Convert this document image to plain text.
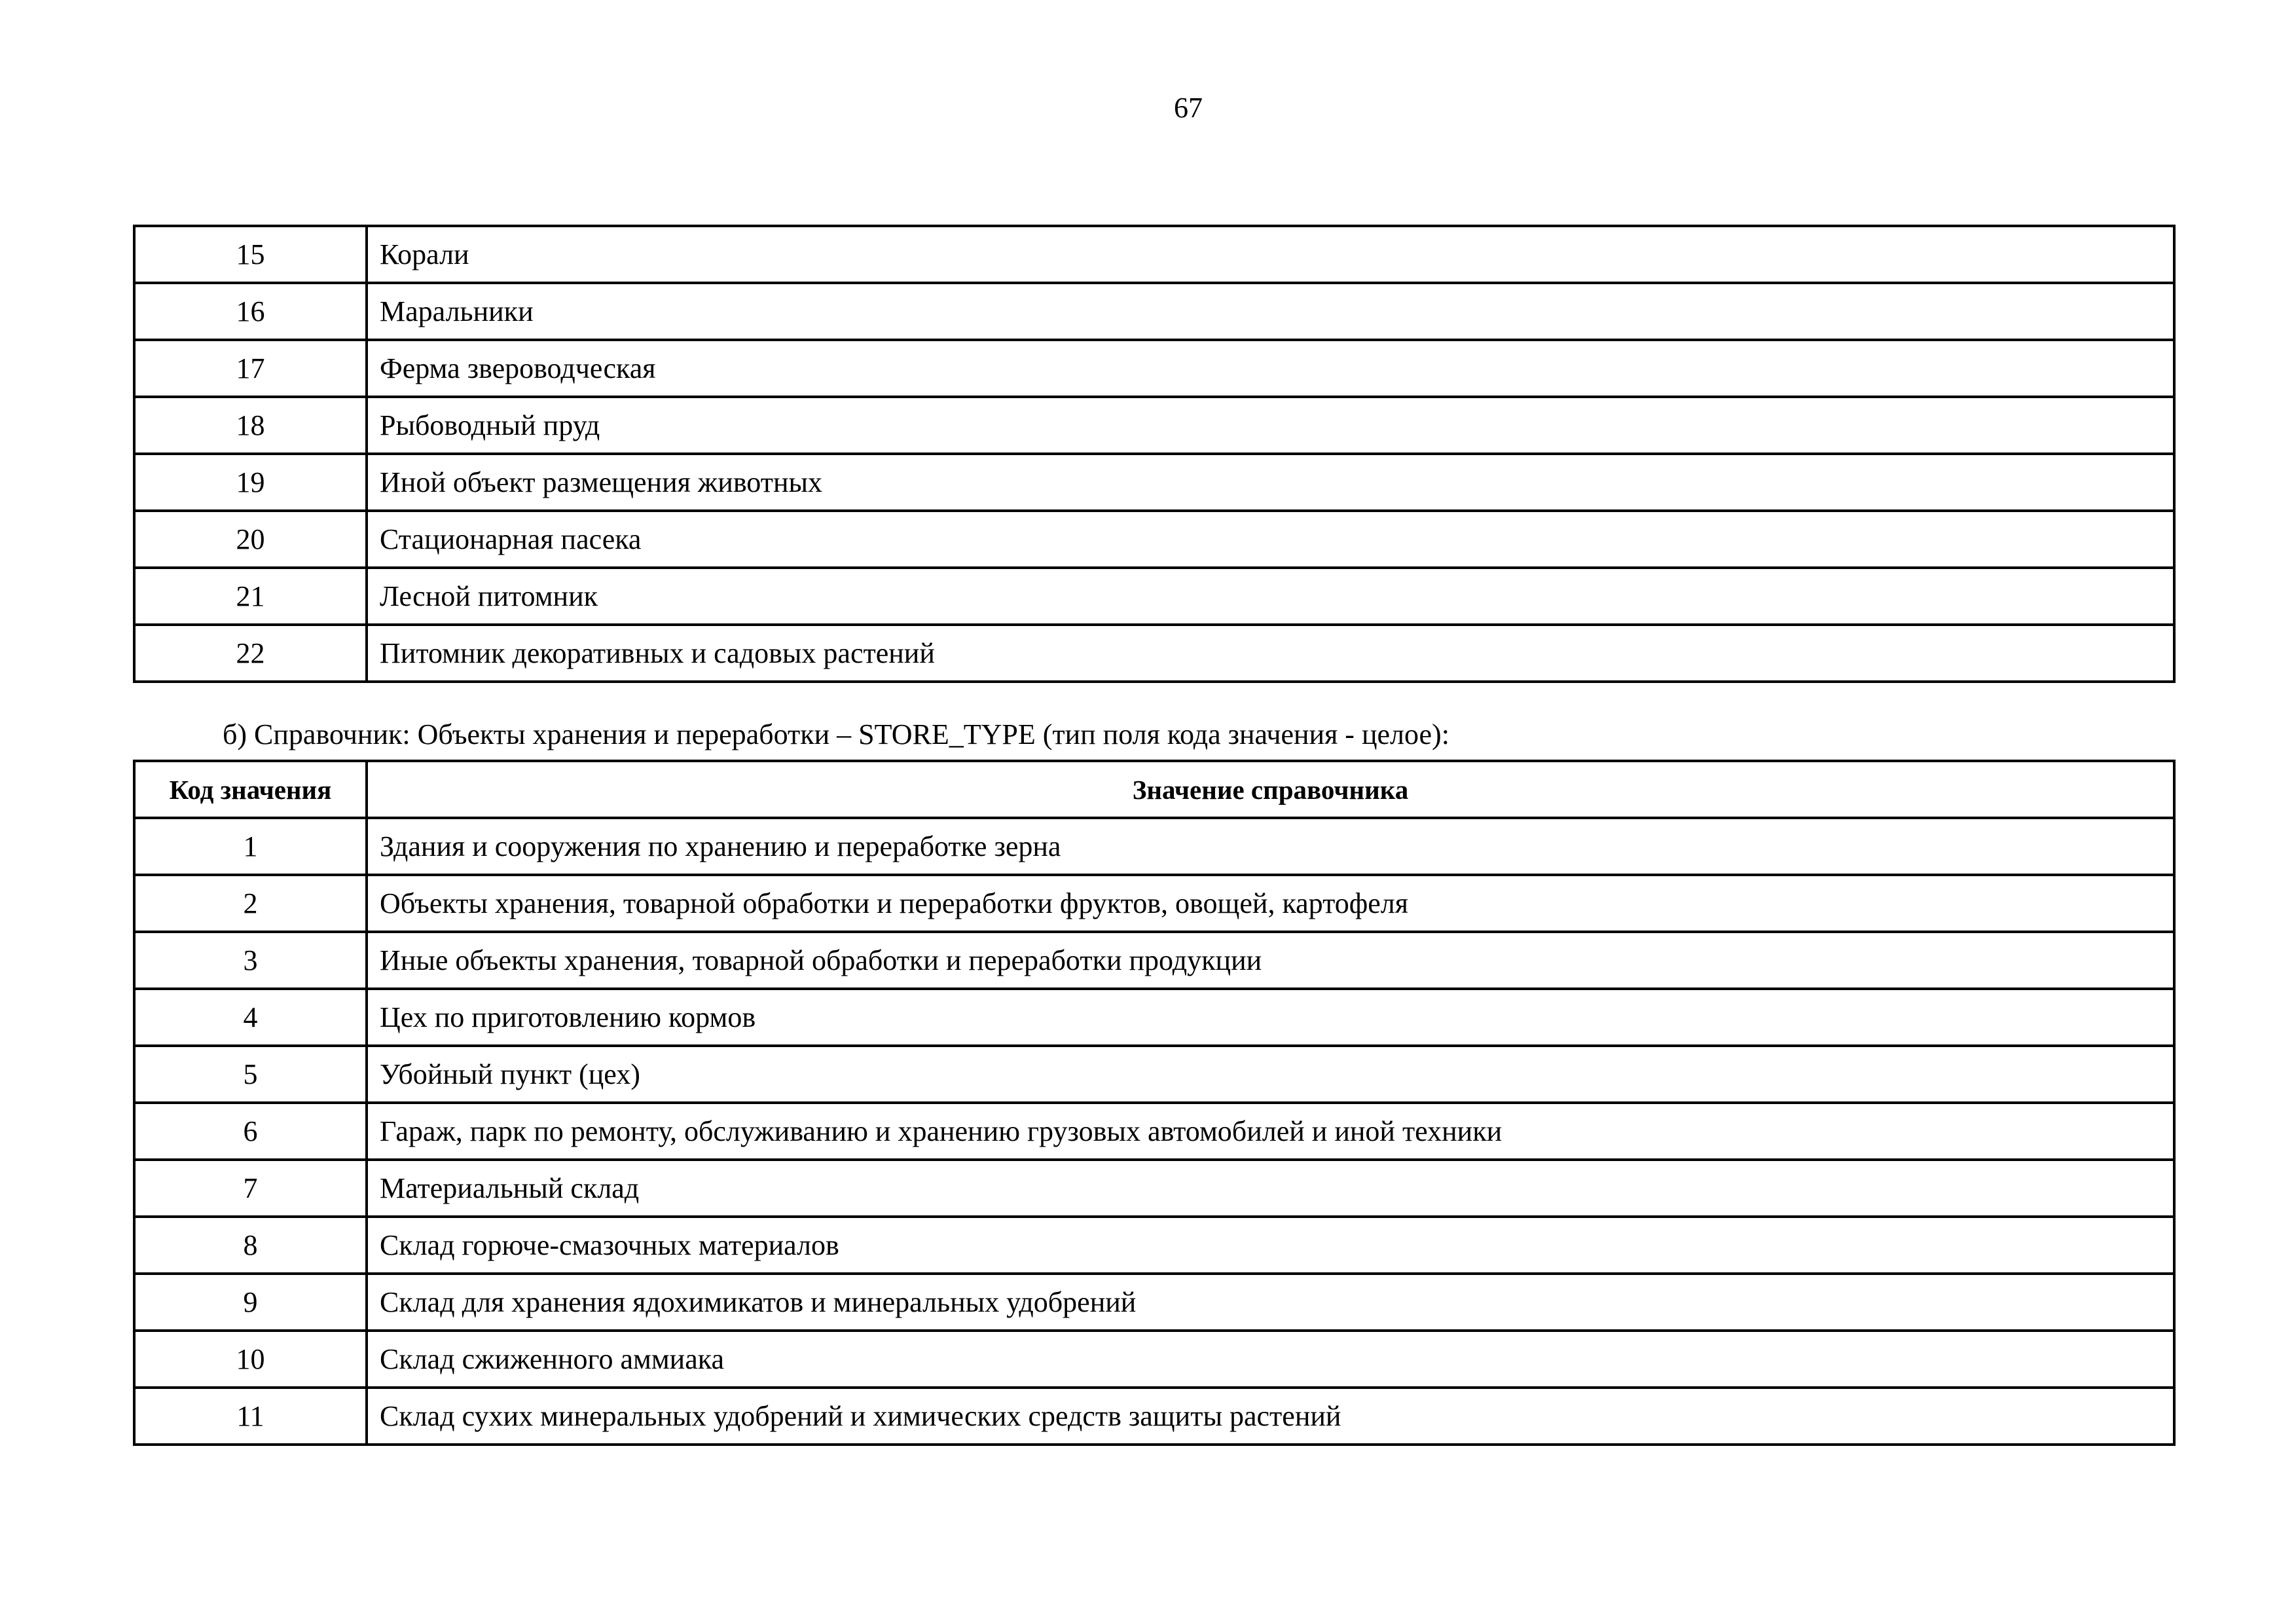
67
15	Корали
16	Маральники
17	Ферма звероводческая
18	Рыбоводный пруд
19	Иной объект размещения животных
20	Стационарная пасека
21	Лесной питомник
22	Питомник декоративных и садовых растений
б) Справочник: Объекты хранения и переработки – STORE_TYPE (тип поля кода значения - целое):
Код значения	Значение справочника
1	Здания и сооружения по хранению и переработке зерна
2	Объекты хранения, товарной обработки и переработки фруктов, овощей, картофеля
3	Иные объекты хранения, товарной обработки и переработки продукции
4	Цех по приготовлению кормов
5	Убойный пункт (цех)
6	Гараж, парк по ремонту, обслуживанию и хранению грузовых автомобилей и иной техники
7	Материальный склад
8	Склад горюче-смазочных материалов
9	Склад для хранения ядохимикатов и минеральных удобрений
10	Склад сжиженного аммиака
11	Склад сухих минеральных удобрений и химических средств защиты растений
